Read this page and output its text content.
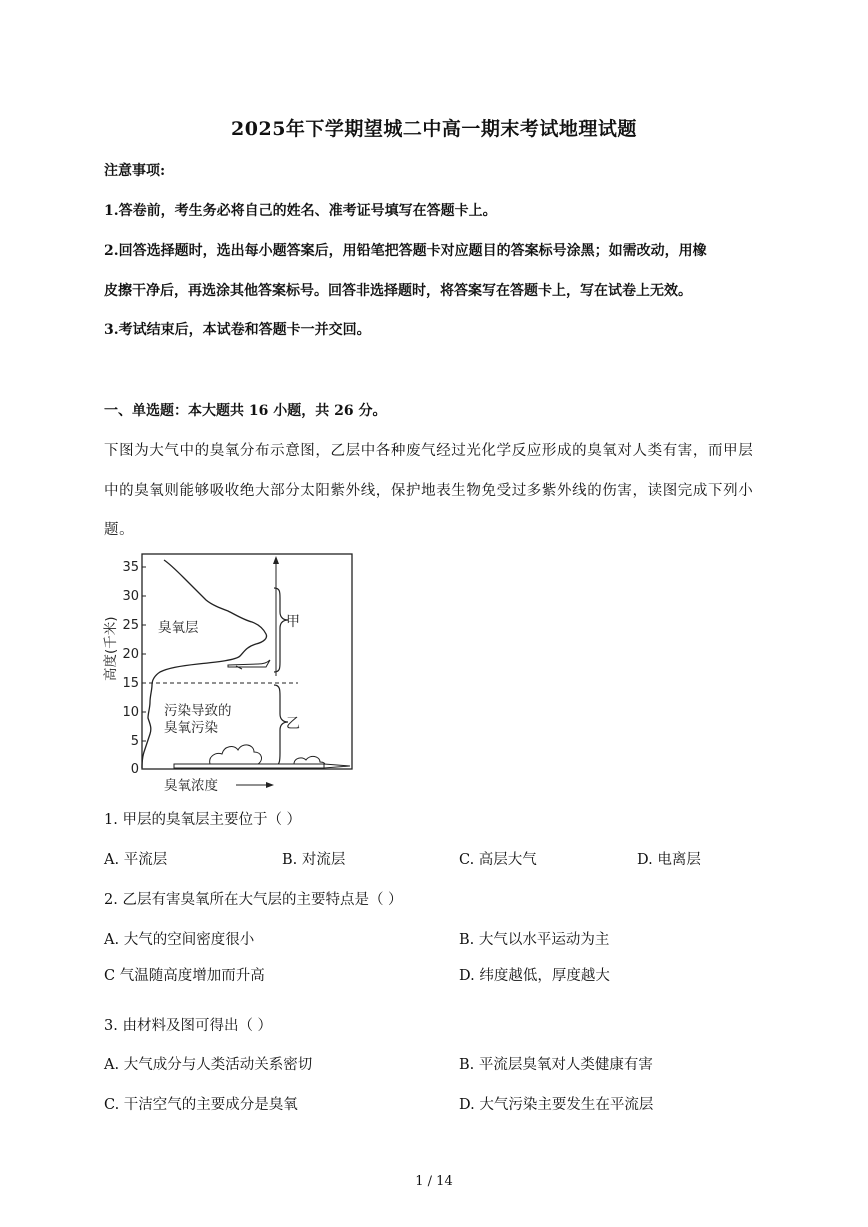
2025年下学期望城二中高一期末考试地理试题
注意事项:
1.答卷前，考生务必将自己的姓名、准考证号填写在答题卡上。
2.回答选择题时，选出每小题答案后，用铅笔把答题卡对应题目的答案标号涂黑；如需改动，用橡
皮擦干净后，再选涂其他答案标号。回答非选择题时，将答案写在答题卡上，写在试卷上无效。
3.考试结束后，本试卷和答题卡一并交回。
一、单选题：本大题共 16 小题，共 26 分。
下图为大气中的臭氧分布示意图，乙层中各种废气经过光化学反应形成的臭氧对人类有害，而甲层
中的臭氧则能够吸收绝大部分太阳紫外线，保护地表生物免受过多紫外线的伤害，读图完成下列小
题。
35
30
25
20
15
10
5
0
高度(千米)	甲
乙
臭氧层
污染导致的
臭氧污染
臭氧浓度
1. 甲层的臭氧层主要位于（ ）
A. 平流层	B. 对流层	C. 高层大气	D. 电离层
2. 乙层有害臭氧所在大气层的主要特点是（ ）
A. 大气的空间密度很小	B. 大气以水平运动为主
C 气温随高度增加而升高	D. 纬度越低，厚度越大
3. 由材料及图可得出（ ）
A. 大气成分与人类活动关系密切	B. 平流层臭氧对人类健康有害
C. 干洁空气的主要成分是臭氧	D. 大气污染主要发生在平流层
1 / 14
